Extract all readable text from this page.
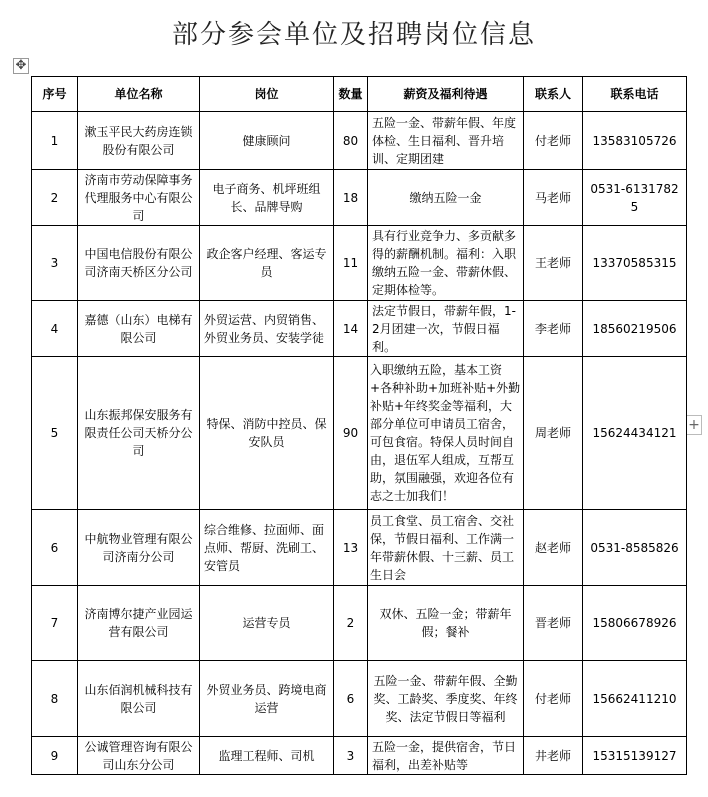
部分参会单位及招聘岗位信息
✥
+
序号	单位名称	岗位	数量	薪资及福利待遇	联系人	联系电话
1	漱玉平民大药房连锁股份有限公司	健康顾问	80	五险一金、带薪年假、年度体检、生日福利、晋升培训、定期团建	付老师	13583105726
2	济南市劳动保障事务代理服务中心有限公司	电子商务、机坪班组长、品牌导购	18	缴纳五险一金	马老师	0531-61317825
3	中国电信股份有限公司济南天桥区分公司	政企客户经理、客运专员	11	具有行业竞争力、多贡献多得的薪酬机制。福利：入职缴纳五险一金、带薪休假、定期体检等。	王老师	13370585315
4	嘉德（山东）电梯有限公司	外贸运营、内贸销售、外贸业务员、安装学徒	14	法定节假日，带薪年假，1-2月团建一次，节假日福利。	李老师	18560219506
5	山东振邦保安服务有限责任公司天桥分公司	特保、消防中控员、保安队员	90	入职缴纳五险，基本工资+各种补助+加班补贴+外勤补贴+年终奖金等福利，大部分单位可申请员工宿舍，可包食宿。特保人员时间自由，退伍军人组成，互帮互助，氛围融强，欢迎各位有志之士加我们！	周老师	15624434121
6	中航物业管理有限公司济南分公司	综合维修、拉面师、面点师、帮厨、洗刷工、安管员	13	员工食堂、员工宿舍、交社保，节假日福利、工作满一年带薪休假、十三薪、员工生日会	赵老师	0531-8585826
7	济南博尔捷产业园运营有限公司	运营专员	2	双休、五险一金；带薪年假；餐补	晋老师	15806678926
8	山东佰润机械科技有限公司	外贸业务员、跨境电商运营	6	五险一金、带薪年假、全勤奖、工龄奖、季度奖、年终奖、法定节假日等福利	付老师	15662411210
9	公诚管理咨询有限公司山东分公司	监理工程师、司机	3	五险一金，提供宿舍，节日福利，出差补贴等	井老师	15315139127
